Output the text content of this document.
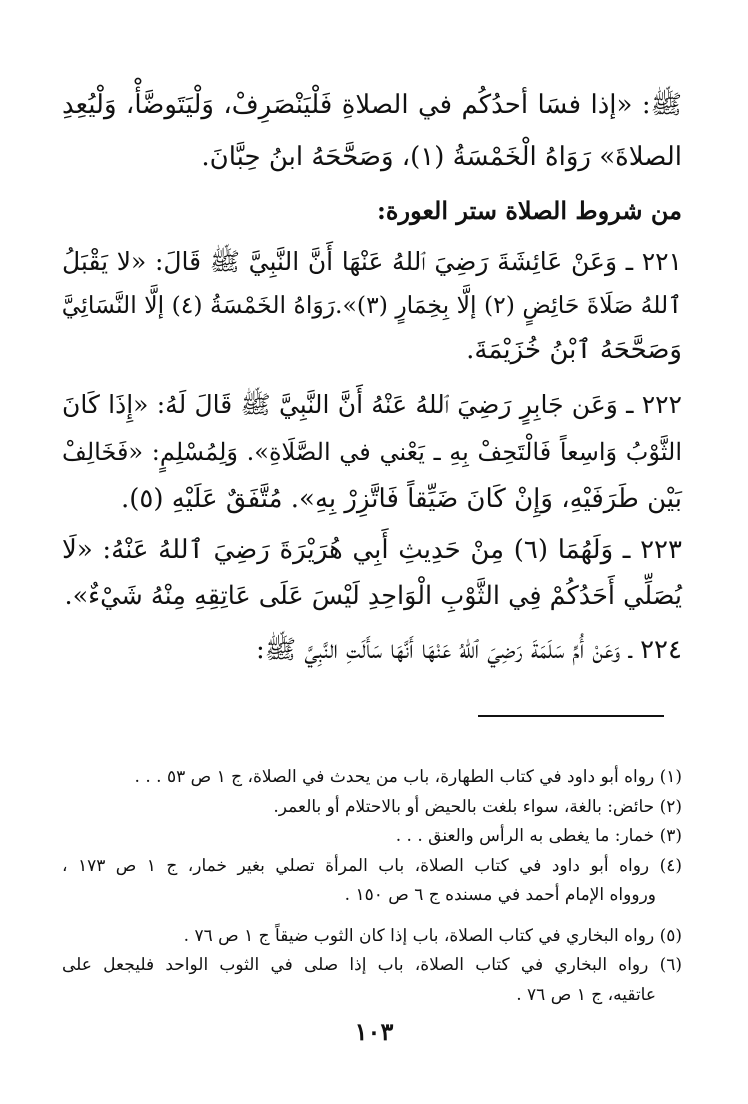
ﷺ: «إذا فسَا أحدُكُم في الصلاةِ فَلْيَنْصَرِفْ، وَلْيَتَوضَّأْ، وَلْيُعِدِ
الصلاةَ» رَوَاهُ الْخَمْسَةُ (١)، وَصَحَّحَهُ ابنُ حِبَّانَ.
من شروط الصلاة ستر العورة:
٢٢١ ـ وَعَنْ عَائِشَةَ رَضِيَ ٱللهُ عَنْهَا أَنَّ النَّبِيَّ ﷺ قَالَ: «لا يَقْبَلُ
ٱللهُ صَلَاةَ حَائِضٍ (٢) إلَّا بِخِمَارٍ (٣)».رَوَاهُ الخَمْسَةُ (٤) إلَّا النَّسَائِيَّ
وَصَحَّحَهُ ٱبْنُ خُزَيْمَةَ.
٢٢٢ ـ وَعَن جَابِرٍ رَضِيَ ٱللهُ عَنْهُ أَنَّ النَّبِيَّ ﷺ قَالَ لَهُ: «إِذَا كَانَ
الثَّوْبُ وَاسِعاً فَالْتَحِفْ بِهِ ـ يَعْني في الصَّلَاةِ». وَلِمُسْلِمٍ: «فَخَالِفْ
بَيْن طَرَفَيْهِ، وَإِنْ كَانَ ضَيِّقاً فَاتَّزِرْ بِهِ». مُتَّفَقٌ عَلَيْهِ (٥).
٢٢٣ ـ وَلَهُمَا (٦) مِنْ حَدِيثِ أَبِي هُرَيْرَةَ رَضِيَ ٱللهُ عَنْهُ: «لَا
يُصَلِّي أَحَدُكُمْ فِي الثَّوْبِ الْوَاحِدِ لَيْسَ عَلَى عَاتِقِهِ مِنْهُ شَيْءٌ».
٢٢٤ ـ وَعَنْ أُمِّ سَلَمَةَ رَضِيَ ٱللهُ عَنْهَا أَنَّهَا سَأَلَتِ النَّبِيَّ ﷺ:
(١) رواه أبو داود في كتاب الطهارة، باب من يحدث في الصلاة، ج ١ ص ٥٣ . . .
(٢) حائض: بالغة، سواء بلغت بالحيض أو بالاحتلام أو بالعمر.
(٣) خمار: ما يغطى به الرأس والعنق . . .
(٤) رواه أبو داود في كتاب الصلاة، باب المرأة تصلي بغير خمار، ج ١ ص ١٧٣ ،
وروواه الإمام أحمد في مسنده ج ٦ ص ١٥٠ .
(٥) رواه البخاري في كتاب الصلاة، باب إذا كان الثوب ضيقاً ج ١ ص ٧٦ .
(٦) رواه البخاري في كتاب الصلاة، باب إذا صلى في الثوب الواحد فليجعل على
عاتقيه، ج ١ ص ٧٦ .
١٠٣
